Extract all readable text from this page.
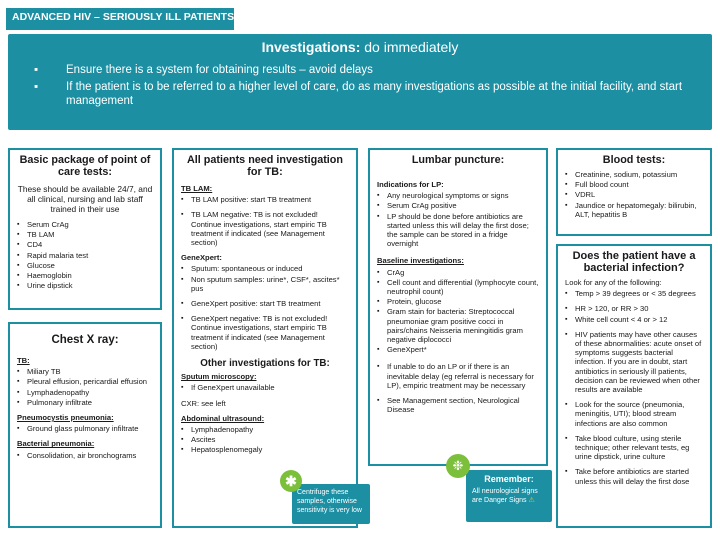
ADVANCED HIV – SERIOUSLY ILL PATIENTS (CONTINUED)
Investigations: do immediately
▪ Ensure there is a system for obtaining results – avoid delays
▪ If the patient is to be referred to a higher level of care, do as many investigations as possible at the initial facility, and start management
Basic package of point of care tests:
These should be available 24/7, and all clinical, nursing and lab staff trained in their use
▪ Serum CrAg
▪ TB LAM
▪ CD4
▪ Rapid malaria test
▪ Glucose
▪ Haemoglobin
▪ Urine dipstick
Chest X ray:
TB:
▪ Miliary TB
▪ Pleural effusion, pericardial effusion
▪ Lymphadenopathy
▪ Pulmonary infiltrate
Pneumocystis pneumonia:
▪ Ground glass pulmonary infiltrate
Bacterial pneumonia:
▪ Consolidation, air bronchograms
All patients need investigation for TB:
TB LAM:
▪ TB LAM positive: start TB treatment
▪ TB LAM negative: TB is not excluded! Continue investigations, start empiric TB treatment if indicated (see Management section)
GeneXpert:
▪ Sputum: spontaneous or induced
▪ Non sputum samples: urine*, CSF*, ascites* pus
▪ GeneXpert positive: start TB treatment
▪ GeneXpert negative: TB is not excluded! Continue investigations, start empiric TB treatment if indicated (see Management section)
Other investigations for TB:
Sputum microscopy:
▪ If GeneXpert unavailable
CXR: see left
Abdominal ultrasound:
▪ Lymphadenopathy
▪ Ascites
▪ Hepatosplenomegaly
Lumbar puncture:
Indications for LP:
▪ Any neurological symptoms or signs
▪ Serum CrAg positive
▪ LP should be done before antibiotics are started unless this will delay the first dose; the sample can be stored in a fridge overnight
Baseline investigations:
▪ CrAg
▪ Cell count and differential (lymphocyte count, neutrophil count)
▪ Protein, glucose
▪ Gram stain for bacteria: Streptococcal pneumoniae gram positive cocci in pairs/chains Neisseria meningitidis gram negative diplococci
▪ GeneXpert*
▪ If unable to do an LP or if there is an inevitable delay (eg referral is necessary for LP), empiric treatment may be necessary
▪ See Management section, Neurological Disease
Blood tests:
▪ Creatinine, sodium, potassium
▪ Full blood count
▪ VDRL
▪ Jaundice or hepatomegaly: bilirubin, ALT, hepatitis B
Does the patient have a bacterial infection?
Look for any of the following:
▪ Temp > 39 degrees or < 35 degrees
▪ HR > 120, or RR > 30
▪ White cell count < 4 or > 12
▪ HIV patients may have other causes of these abnormalities: acute onset of symptoms suggests bacterial infection. If you are in doubt, start antibiotics in seriously ill patients, decision can be reviewed when other results are available
▪ Look for the source (pneumonia, meningitis, UTI); blood stream infections are also common
▪ Take blood culture, using sterile technique; other relevant tests, eg urine dipstick, urine culture
▪ Take before antibiotics are started unless this will delay the first dose
Remember:
All neurological signs are Danger Signs ⚠
❉
Centrifuge these samples, otherwise sensitivity is very low
✱
